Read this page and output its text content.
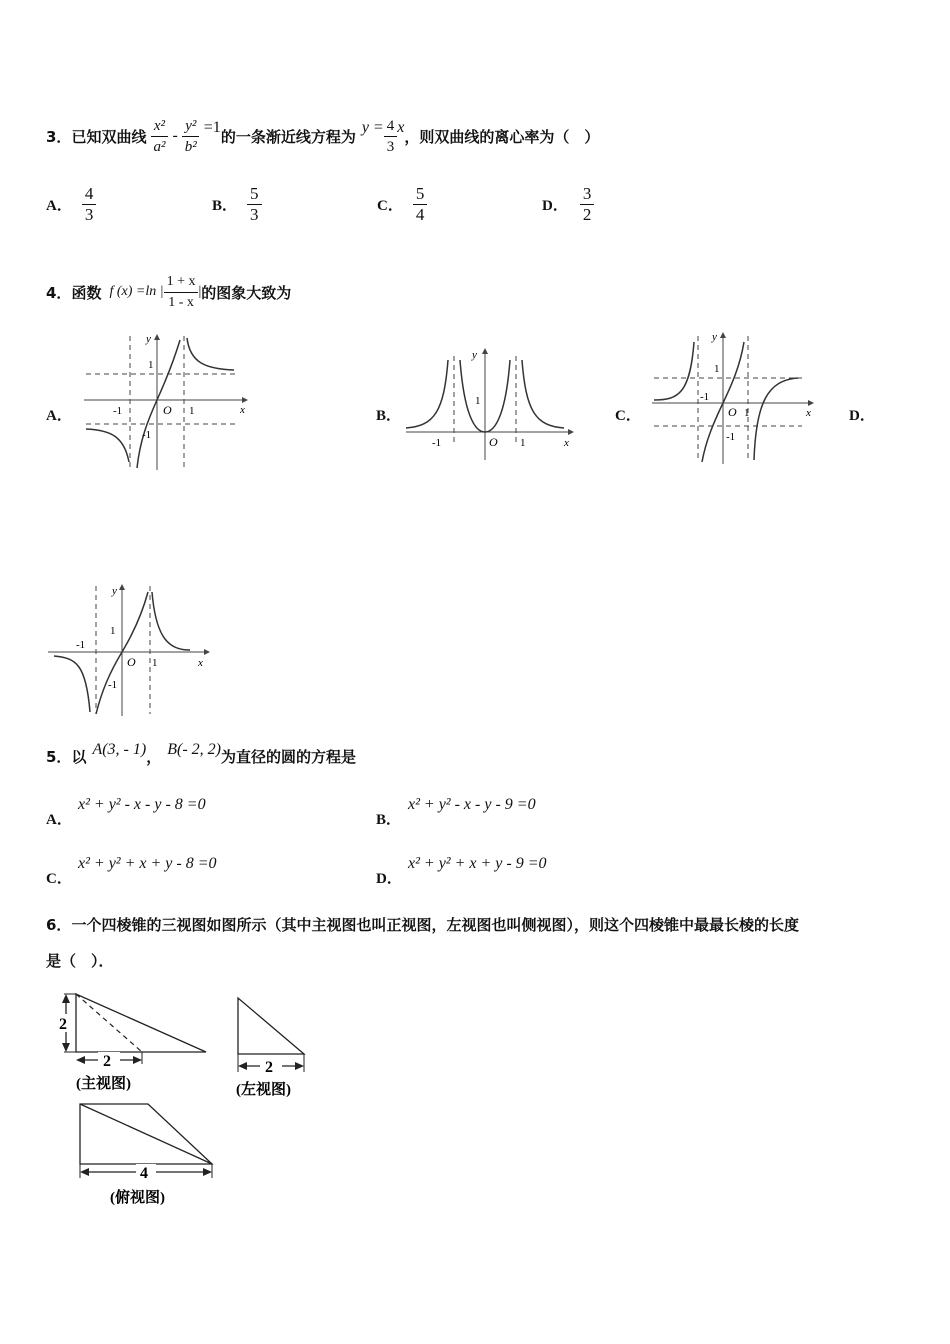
3． 已知双曲线 $\frac{\text{x²}}{\text{a²}} - \frac{\text{y²}}{\text{b²}} =1$ 的一条渐近线方程为 $y = \frac{4}{3}$ x ，则双曲线的离心率为（　）
A． $\frac{4}{3}$	B． $\frac{5}{3}$	C． $\frac{5}{4}$	D． $\frac{3}{2}$
4． 函数 f (x) =ln | $\frac{1 + x}{1 - x}$ | 的图象大致为
A．	B．	C．	D．
y
x
O 1
-1
1
-1
y
x
O 1
-1
1
y
x
O 1
-1
1
-1
y
x
O 1
-1
1
-1
5． 以 A(3, - 1) ， B(- 2, 2) 为直径的圆的方程是
A．
x² + y² - x - y - 8 =0
B．
x² + y² - x - y - 9 =0
C．
x² + y² + x + y - 8 =0
D．
x² + y² + x + y - 9 =0
6．一个四棱锥的三视图如图所示（其中主视图也叫正视图，左视图也叫侧视图），则这个四棱锥中最最长棱的长度
是（　）．
2
2
(主视图)
2
(左视图)
4
(俯视图)
